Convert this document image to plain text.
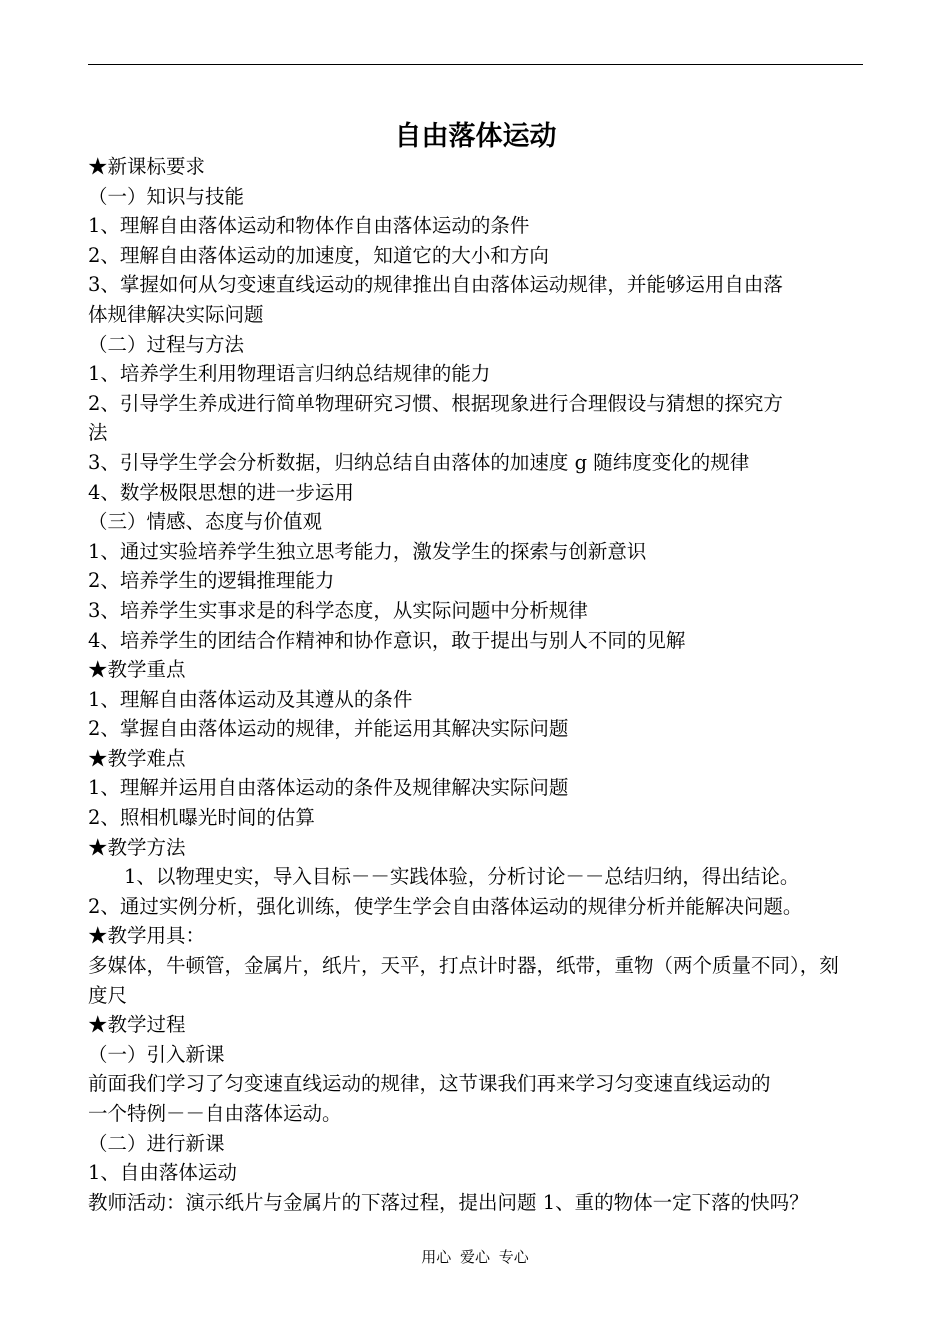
自由落体运动
★新课标要求
（一）知识与技能
1、理解自由落体运动和物体作自由落体运动的条件
2、理解自由落体运动的加速度，知道它的大小和方向
3、掌握如何从匀变速直线运动的规律推出自由落体运动规律，并能够运用自由落
体规律解决实际问题
（二）过程与方法
1、培养学生利用物理语言归纳总结规律的能力
2、引导学生养成进行简单物理研究习惯、根据现象进行合理假设与猜想的探究方
法
3、引导学生学会分析数据，归纳总结自由落体的加速度 g 随纬度变化的规律
4、数学极限思想的进一步运用
（三）情感、态度与价值观
1、通过实验培养学生独立思考能力，激发学生的探索与创新意识
2、培养学生的逻辑推理能力
3、培养学生实事求是的科学态度，从实际问题中分析规律
4、培养学生的团结合作精神和协作意识，敢于提出与别人不同的见解
★教学重点
1、理解自由落体运动及其遵从的条件
2、掌握自由落体运动的规律，并能运用其解决实际问题
★教学难点
1、理解并运用自由落体运动的条件及规律解决实际问题
2、照相机曝光时间的估算
★教学方法
1、以物理史实，导入目标－－实践体验，分析讨论－－总结归纳，得出结论。
2、通过实例分析，强化训练，使学生学会自由落体运动的规律分析并能解决问题。
★教学用具：
多媒体，牛顿管，金属片，纸片，天平，打点计时器，纸带，重物（两个质量不同），刻
度尺
★教学过程
（一）引入新课
前面我们学习了匀变速直线运动的规律，这节课我们再来学习匀变速直线运动的
一个特例－－自由落体运动。
（二）进行新课
1、自由落体运动
教师活动：演示纸片与金属片的下落过程，提出问题 1、重的物体一定下落的快吗？
用心 爱心 专心
